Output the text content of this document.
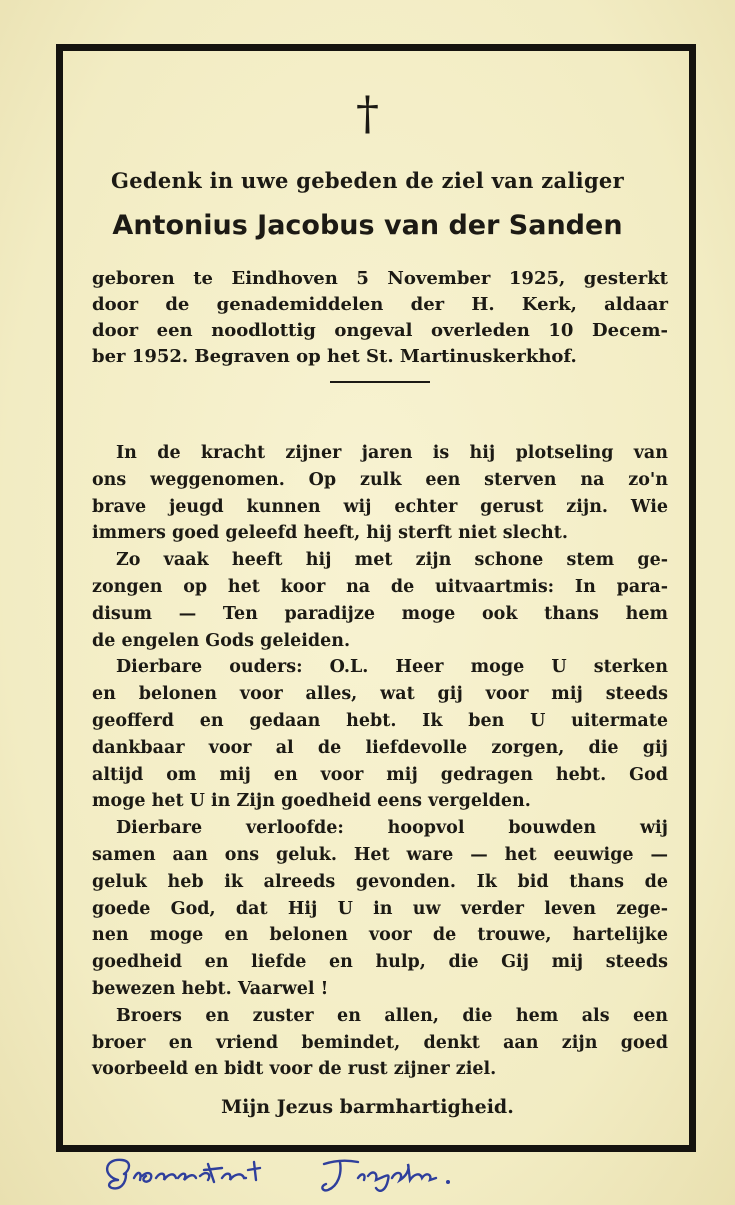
†
Gedenk in uwe gebeden de ziel van zaliger
Antonius Jacobus van der Sanden
geboren te Eindhoven 5 November 1925, gesterkt
door de genademiddelen der H. Kerk, aldaar
door een noodlottig ongeval overleden 10 Decem-
ber 1952. Begraven op het St. Martinuskerkhof.
In de kracht zijner jaren is hij plotseling van
ons weggenomen. Op zulk een sterven na zo'n
brave jeugd kunnen wij echter gerust zijn. Wie
immers goed geleefd heeft, hij sterft niet slecht.
Zo vaak heeft hij met zijn schone stem ge-
zongen op het koor na de uitvaartmis: In para-
disum — Ten paradijze moge ook thans hem
de engelen Gods geleiden.
Dierbare ouders: O.L. Heer moge U sterken
en belonen voor alles, wat gij voor mij steeds
geofferd en gedaan hebt. Ik ben U uitermate
dankbaar voor al de liefdevolle zorgen, die gij
altijd om mij en voor mij gedragen hebt. God
moge het U in Zijn goedheid eens vergelden.
Dierbare verloofde: hoopvol bouwden wij
samen aan ons geluk. Het ware — het eeuwige —
geluk heb ik alreeds gevonden. Ik bid thans de
goede God, dat Hij U in uw verder leven zege-
nen moge en belonen voor de trouwe, hartelijke
goedheid en liefde en hulp, die Gij mij steeds
bewezen hebt. Vaarwel !
Broers en zuster en allen, die hem als een
broer en vriend bemindet, denkt aan zijn goed
voorbeeld en bidt voor de rust zijner ziel.
Mijn Jezus barmhartigheid.
